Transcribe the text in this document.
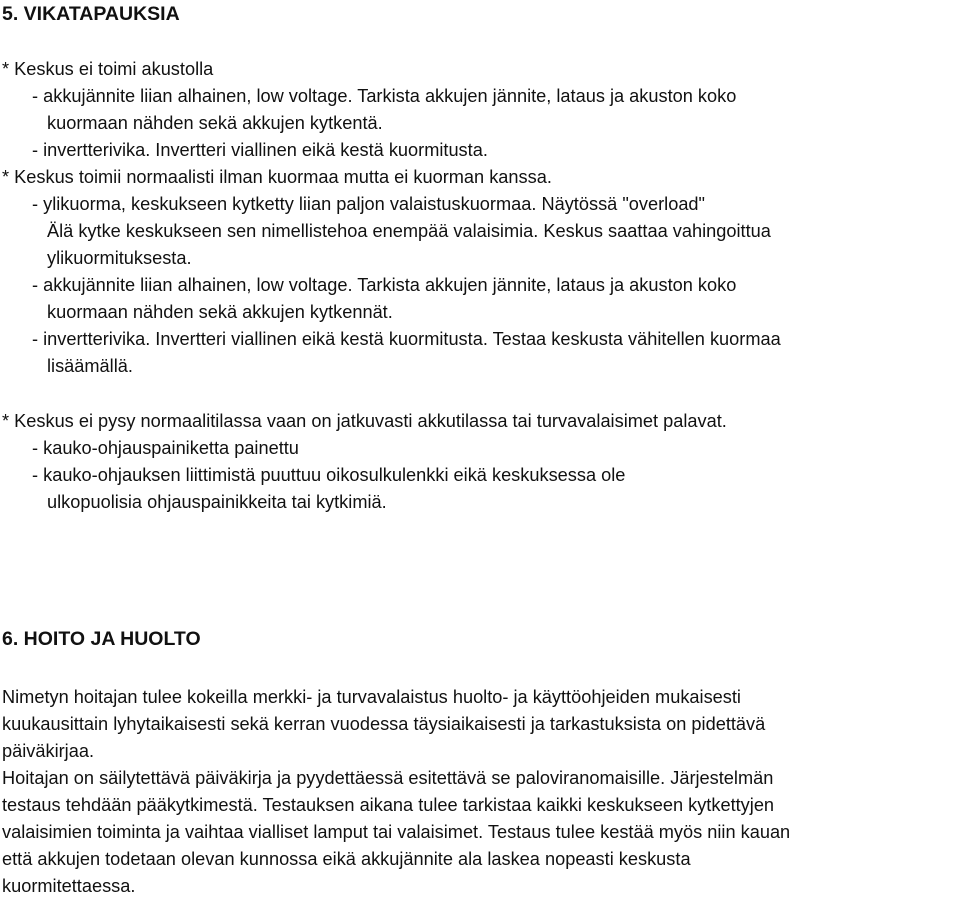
5. VIKATAPAUKSIA

* Keskus ei toimi akustolla

- akkujännite liian alhainen, low voltage. Tarkista akkujen jännite, lataus ja akuston koko

kuormaan nähden sekä akkujen kytkentä.

- invertterivika. Invertteri viallinen eikä kestä kuormitusta.

* Keskus toimii normaalisti ilman kuormaa mutta ei kuorman kanssa.

- ylikuorma, keskukseen kytketty liian paljon valaistuskuormaa. Näytössä "overload"

Älä kytke keskukseen sen nimellistehoa enempää valaisimia. Keskus saattaa vahingoittua

ylikuormituksesta.

- akkujännite liian alhainen, low voltage. Tarkista akkujen jännite, lataus ja akuston koko

kuormaan nähden sekä akkujen kytkennät.

- invertterivika. Invertteri viallinen eikä kestä kuormitusta. Testaa keskusta vähitellen kuormaa

lisäämällä.

* Keskus ei pysy normaalitilassa vaan on jatkuvasti akkutilassa tai turvavalaisimet palavat.

- kauko-ohjauspainiketta painettu

- kauko-ohjauksen liittimistä puuttuu oikosulkulenkki eikä keskuksessa ole

ulkopuolisia ohjauspainikkeita tai kytkimiä.

6. HOITO JA HUOLTO

Nimetyn hoitajan tulee kokeilla merkki- ja turvavalaistus huolto- ja käyttöohjeiden mukaisesti

kuukausittain lyhytaikaisesti sekä kerran vuodessa täysiaikaisesti ja tarkastuksista on pidettävä

päiväkirjaa.

Hoitajan on säilytettävä päiväkirja ja pyydettäessä esitettävä se paloviranomaisille. Järjestelmän

testaus tehdään pääkytkimestä. Testauksen aikana tulee tarkistaa kaikki keskukseen kytkettyjen

valaisimien toiminta ja vaihtaa vialliset lamput tai valaisimet. Testaus tulee kestää myös niin kauan

että akkujen todetaan olevan kunnossa eikä akkujännite ala laskea nopeasti keskusta

kuormitettaessa.
